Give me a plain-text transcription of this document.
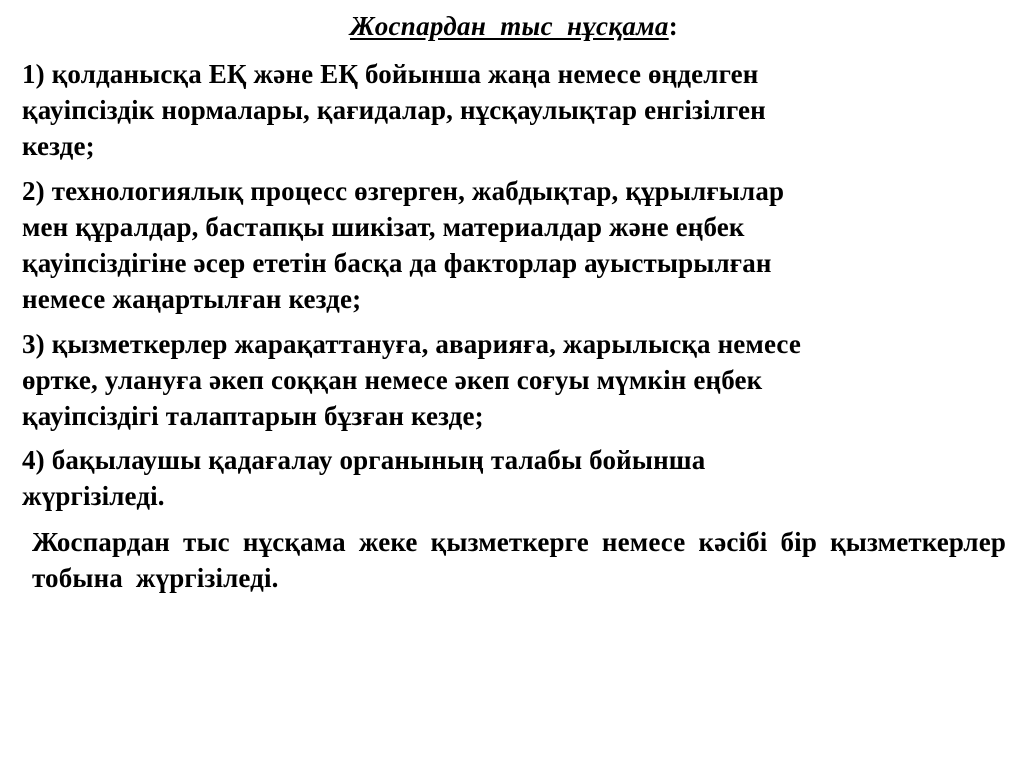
Жоспардан  тыс  нұсқама:

1) қолданысқа ЕҚ және ЕҚ бойынша жаңа немесе өңделген
қауіпсіздік нормалары, қағидалар, нұсқаулықтар енгізілген
кезде;

2) технологиялық процесс өзгерген, жабдықтар, құрылғылар
мен құралдар, бастапқы шикізат, материалдар және еңбек
қауіпсіздігіне әсер ететін басқа да факторлар ауыстырылған
немесе жаңартылған кезде;

3) қызметкерлер жарақаттануға, аварияға, жарылысқа немесе
өртке, улануға әкеп соққан немесе әкеп соғуы мүмкін еңбек
қауіпсіздігі талаптарын бұзған кезде;

4) бақылаушы қадағалау органының талабы бойынша
жүргізіледі.

Жоспардан тыс нұсқама жеке қызметкерге немесе кәсібі бір қызметкерлер тобына жүргізіледі.
